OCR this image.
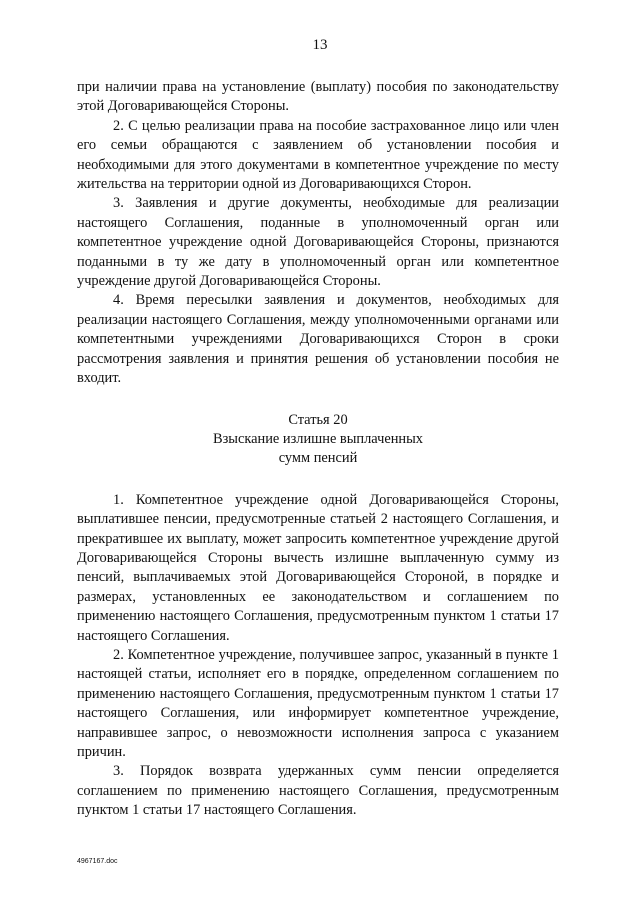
13

при наличии права на установление (выплату) пособия по законодательству этой Договаривающейся Стороны.

2. С целью реализации права на пособие застрахованное лицо или член его семьи обращаются с заявлением об установлении пособия и необходимыми для этого документами в компетентное учреждение по месту жительства на территории одной из Договаривающихся Сторон.

3. Заявления и другие документы, необходимые для реализации настоящего Соглашения, поданные в уполномоченный орган или компетентное учреждение одной Договаривающейся Стороны, признаются поданными в ту же дату в уполномоченный орган или компетентное учреждение другой Договаривающейся Стороны.

4. Время пересылки заявления и документов, необходимых для реализации настоящего Соглашения, между уполномоченными органами или компетентными учреждениями Договаривающихся Сторон в сроки рассмотрения заявления и принятия решения об установлении пособия не входит.

Статья 20
Взыскание излишне выплаченных
сумм пенсий

1. Компетентное учреждение одной Договаривающейся Стороны, выплатившее пенсии, предусмотренные статьей 2 настоящего Соглашения, и прекратившее их выплату, может запросить компетентное учреждение другой Договаривающейся Стороны вычесть излишне выплаченную сумму из пенсий, выплачиваемых этой Договаривающейся Стороной, в порядке и размерах, установленных ее законодательством и соглашением по применению настоящего Соглашения, предусмотренным пунктом 1 статьи 17 настоящего Соглашения.

2. Компетентное учреждение, получившее запрос, указанный в пункте 1 настоящей статьи, исполняет его в порядке, определенном соглашением по применению настоящего Соглашения, предусмотренным пунктом 1 статьи 17 настоящего Соглашения, или информирует компетентное учреждение, направившее запрос, о невозможности исполнения запроса с указанием причин.

3. Порядок возврата удержанных сумм пенсии определяется соглашением по применению настоящего Соглашения, предусмотренным пунктом 1 статьи 17 настоящего Соглашения.

4967167.doc
